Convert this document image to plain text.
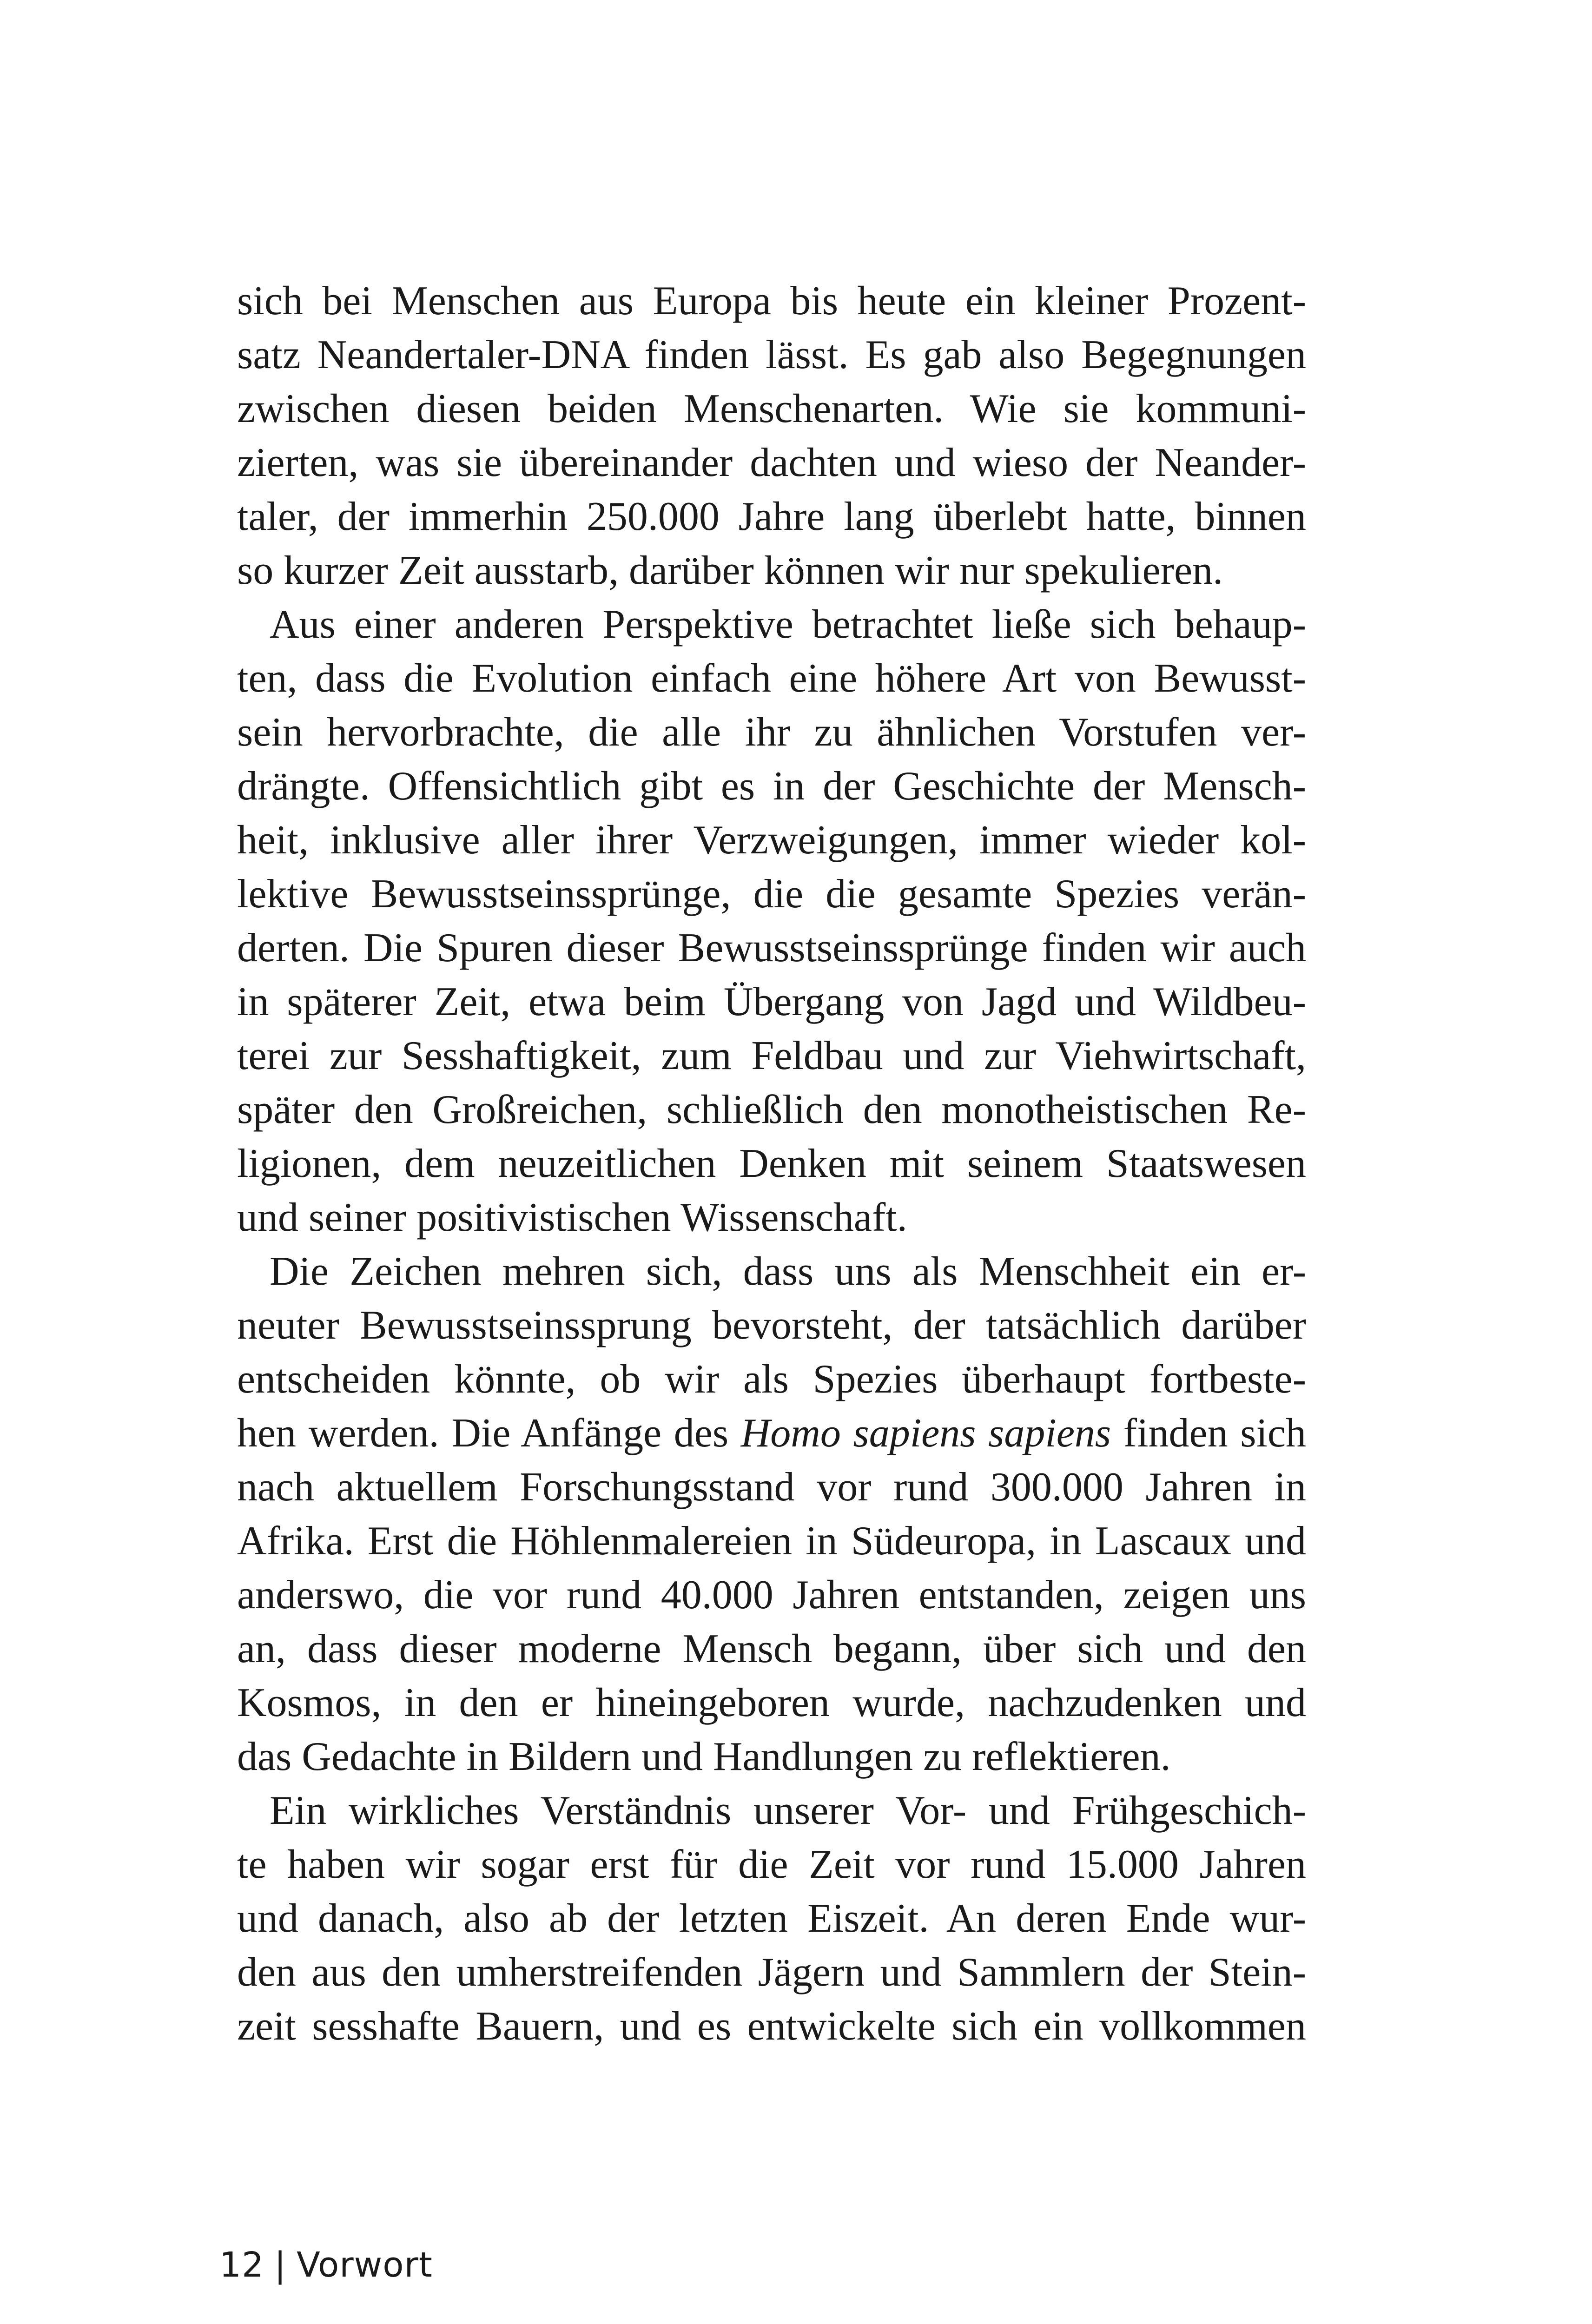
sich bei Menschen aus Europa bis heute ein kleiner Prozent-
satz Neandertaler-DNA finden lässt. Es gab also Begegnungen
zwischen diesen beiden Menschenarten. Wie sie kommuni-
zierten, was sie übereinander dachten und wieso der Neander-
taler, der immerhin 250.000 Jahre lang überlebt hatte, binnen
so kurzer Zeit ausstarb, darüber können wir nur spekulieren.
Aus einer anderen Perspektive betrachtet ließe sich behaup-
ten, dass die Evolution einfach eine höhere Art von Bewusst-
sein hervorbrachte, die alle ihr zu ähnlichen Vorstufen ver-
drängte. Offensichtlich gibt es in der Geschichte der Mensch-
heit, inklusive aller ihrer Verzweigungen, immer wieder kol-
lektive Bewusstseinssprünge, die die gesamte Spezies verän-
derten. Die Spuren dieser Bewusstseinssprünge finden wir auch
in späterer Zeit, etwa beim Übergang von Jagd und Wildbeu-
terei zur Sesshaftigkeit, zum Feldbau und zur Viehwirtschaft,
später den Großreichen, schließlich den monotheistischen Re-
ligionen, dem neuzeitlichen Denken mit seinem Staatswesen
und seiner positivistischen Wissenschaft.
Die Zeichen mehren sich, dass uns als Menschheit ein er-
neuter Bewusstseinssprung bevorsteht, der tatsächlich darüber
entscheiden könnte, ob wir als Spezies überhaupt fortbeste-
hen werden. Die Anfänge des Homo sapiens sapiens finden sich
nach aktuellem Forschungsstand vor rund 300.000 Jahren in
Afrika. Erst die Höhlenmalereien in Südeuropa, in Lascaux und
anderswo, die vor rund 40.000 Jahren entstanden, zeigen uns
an, dass dieser moderne Mensch begann, über sich und den
Kosmos, in den er hineingeboren wurde, nachzudenken und
das Gedachte in Bildern und Handlungen zu reflektieren.
Ein wirkliches Verständnis unserer Vor- und Frühgeschich-
te haben wir sogar erst für die Zeit vor rund 15.000 Jahren
und danach, also ab der letzten Eiszeit. An deren Ende wur-
den aus den umherstreifenden Jägern und Sammlern der Stein-
zeit sesshafte Bauern, und es entwickelte sich ein vollkommen
12 | Vorwort
